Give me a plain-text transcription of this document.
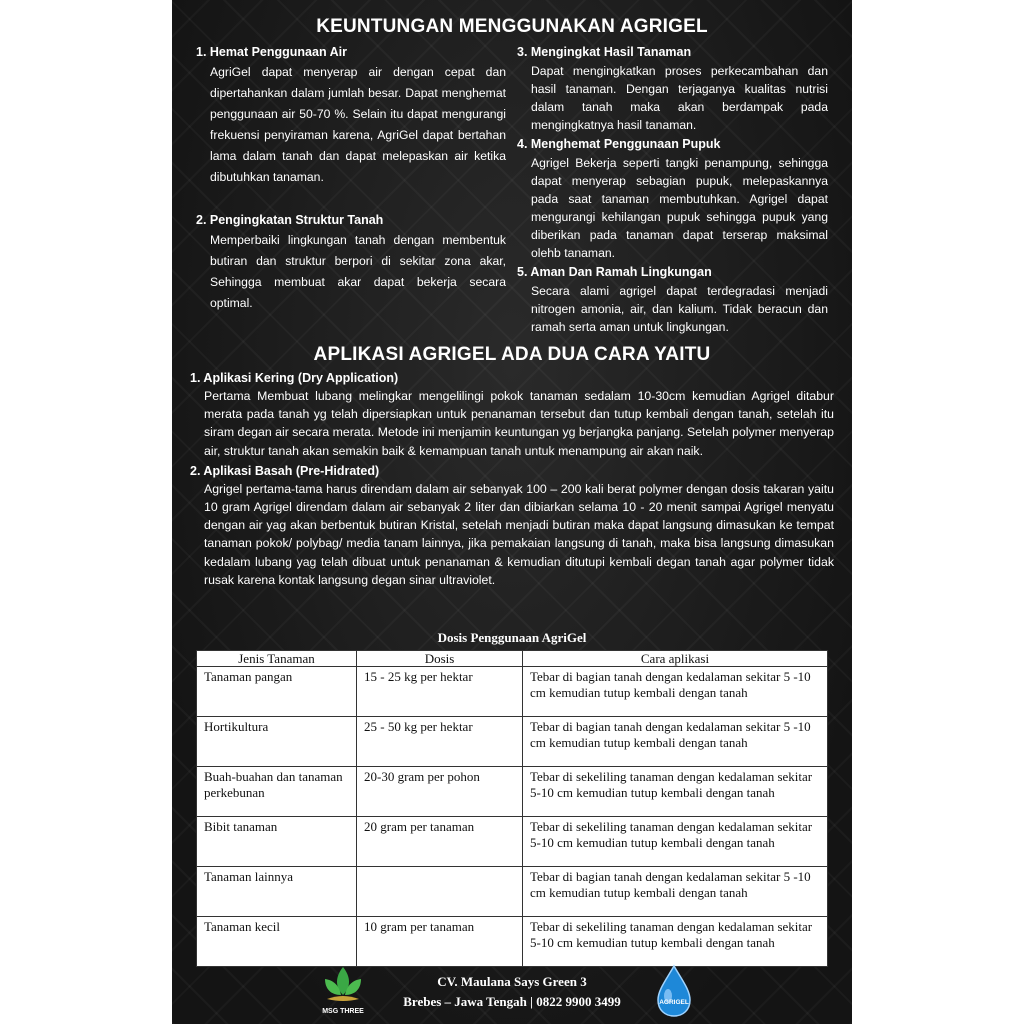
KEUNTUNGAN MENGGUNAKAN AGRIGEL
1. Hemat Penggunaan Air
AgriGel dapat menyerap air dengan cepat dan dipertahankan dalam jumlah besar. Dapat menghemat penggunaan air 50-70 %. Selain itu dapat mengurangi frekuensi penyiraman karena, AgriGel dapat bertahan lama dalam tanah dan dapat melepaskan air ketika dibutuhkan tanaman.
2. Pengingkatan Struktur Tanah
Memperbaiki lingkungan tanah dengan membentuk butiran dan struktur berpori di sekitar zona akar, Sehingga membuat akar dapat bekerja secara optimal.
3. Mengingkat Hasil Tanaman
Dapat mengingkatkan proses perkecambahan dan hasil tanaman. Dengan terjaganya kualitas nutrisi dalam tanah maka akan berdampak pada mengingkatnya hasil tanaman.
4. Menghemat Penggunaan Pupuk
Agrigel Bekerja seperti tangki penampung, sehingga dapat menyerap sebagian pupuk, melepaskannya pada saat tanaman membutuhkan. Agrigel dapat mengurangi kehilangan pupuk sehingga pupuk yang diberikan pada tanaman dapat terserap maksimal olehb tanaman.
5. Aman Dan Ramah Lingkungan
Secara alami agrigel dapat terdegradasi menjadi nitrogen amonia, air, dan kalium. Tidak beracun dan ramah serta aman untuk lingkungan.
APLIKASI AGRIGEL ADA DUA CARA YAITU
1. Aplikasi Kering (Dry Application)
Pertama Membuat lubang melingkar mengelilingi pokok tanaman sedalam 10-30cm kemudian Agrigel ditabur merata pada tanah yg telah dipersiapkan untuk penanaman tersebut dan tutup kembali dengan tanah, setelah itu siram degan air secara merata. Metode ini menjamin keuntungan yg berjangka panjang. Setelah polymer menyerap air, struktur tanah akan semakin baik & kemampuan tanah untuk menampung air akan naik.
2. Aplikasi Basah (Pre-Hidrated)
Agrigel pertama-tama harus direndam dalam air sebanyak 100 – 200 kali berat polymer dengan dosis takaran yaitu 10 gram Agrigel direndam dalam air sebanyak 2 liter dan dibiarkan selama 10 - 20 menit sampai Agrigel menyatu dengan air yag akan berbentuk butiran Kristal, setelah menjadi butiran maka dapat langsung dimasukan ke tempat tanaman pokok/ polybag/ media tanam lainnya, jika pemakaian langsung di tanah, maka bisa langsung dimasukan kedalam lubang yag telah dibuat untuk penanaman & kemudian ditutupi kembali degan tanah agar polymer tidak rusak karena kontak langsung degan sinar ultraviolet.
Dosis Penggunaan AgriGel
Jenis Tanaman	Dosis	Cara aplikasi
Tanaman pangan	15 - 25 kg per hektar	Tebar di bagian tanah dengan kedalaman sekitar 5 -10 cm kemudian tutup kembali dengan tanah
Hortikultura	25 - 50 kg per hektar	Tebar di bagian tanah dengan kedalaman sekitar 5 -10 cm kemudian tutup kembali dengan tanah
Buah-buahan dan tanaman perkebunan	20-30 gram per pohon	Tebar di sekeliling tanaman dengan kedalaman sekitar 5-10 cm kemudian tutup kembali dengan tanah
Bibit tanaman	20 gram per tanaman	Tebar di sekeliling tanaman dengan kedalaman sekitar 5-10 cm kemudian tutup kembali dengan tanah
Tanaman lainnya		Tebar di bagian tanah dengan kedalaman sekitar 5 -10 cm kemudian tutup kembali dengan tanah
Tanaman kecil	10 gram per tanaman	Tebar di sekeliling tanaman dengan kedalaman sekitar 5-10 cm kemudian tutup kembali dengan tanah
MSG THREE
CV. Maulana Says Green 3
Brebes – Jawa Tengah | 0822 9900 3499	AGRIGEL
